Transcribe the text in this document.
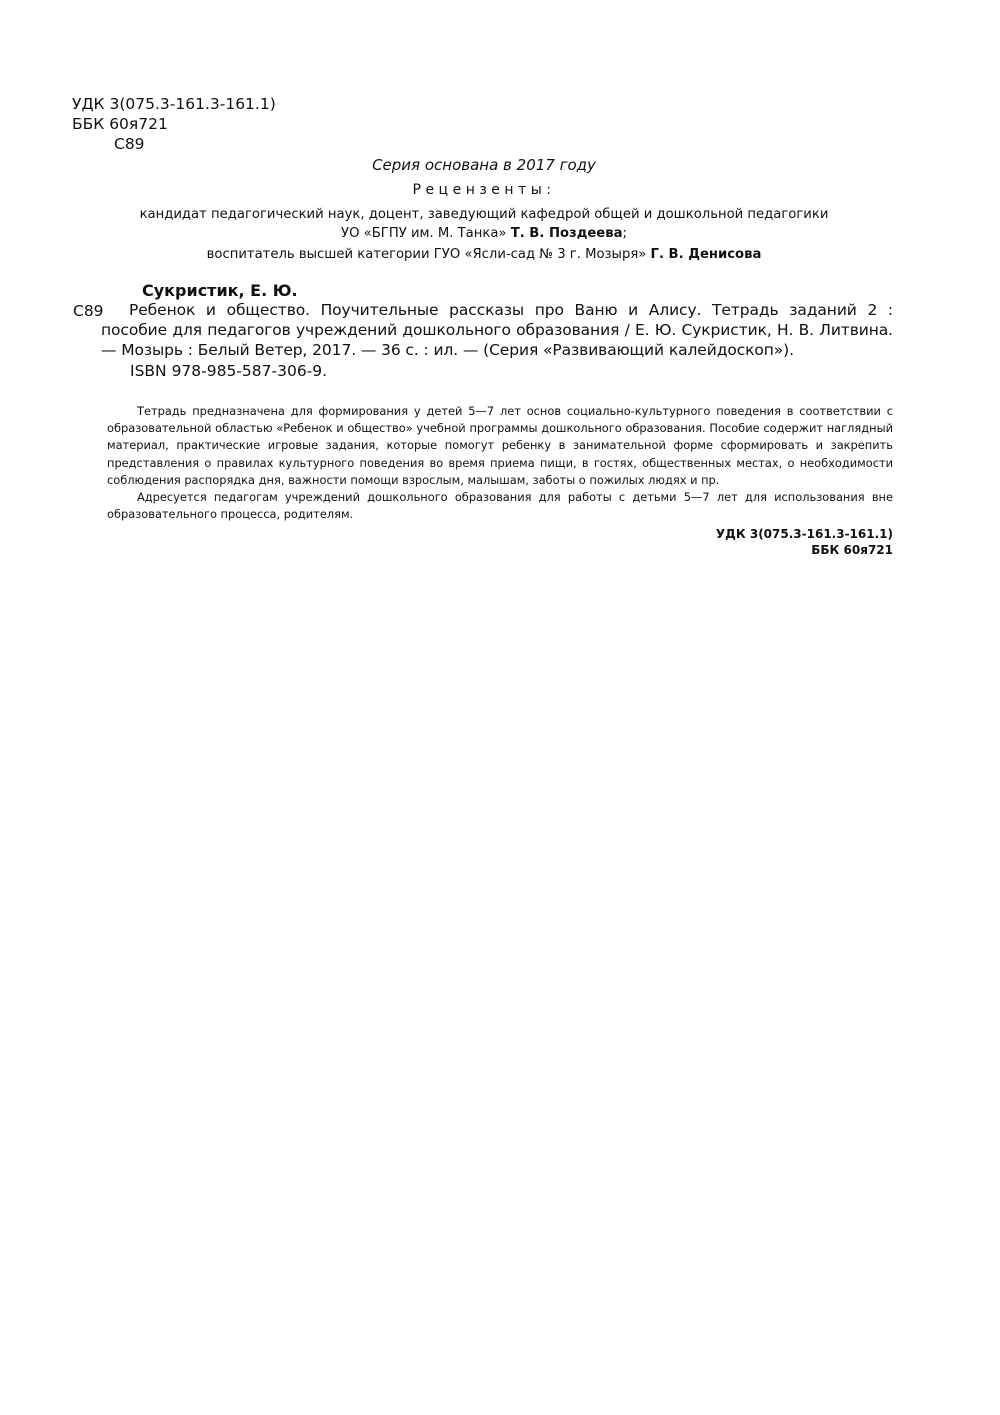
УДК 3(075.3-161.3-161.1)
ББК 60я721
С89
Серия основана в 2017 году
Рецензенты:
кандидат педагогический наук, доцент, заведующий кафедрой общей и дошкольной педагогики
УО «БГПУ им. М. Танка» Т. В. Поздеева;
воспитатель высшей категории ГУО «Ясли-сад № 3 г. Мозыря» Г. В. Денисова
Сукристик, Е. Ю.
С89	Ребенок и общество. Поучительные рассказы про Ваню и Алису. Тетрадь заданий 2 : пособие для педагогов учреждений дошкольного образования / Е. Ю. Сукристик, Н. В. Литвина. — Мозырь : Белый Ветер, 2017. — 36 с. : ил. — (Серия «Развивающий калейдоскоп»).
ISBN 978-985-587-306-9.

Тетрадь предназначена для формирования у детей 5—7 лет основ социально-культурного поведения в соответствии с образовательной областью «Ребенок и общество» учебной программы дошкольного образования. Пособие содержит наглядный материал, практические игровые задания, которые помогут ребенку в занимательной форме сформировать и закрепить представления о правилах культурного поведения во время приема пищи, в гостях, общественных местах, о необходимости соблюдения распорядка дня, важности помощи взрослым, малышам, заботы о пожилых людях и пр.

Адресуется педагогам учреждений дошкольного образования для работы с детьми 5—7 лет для использования вне образовательного процесса, родителям.

УДК 3(075.3-161.3-161.1)
ББК 60я721
